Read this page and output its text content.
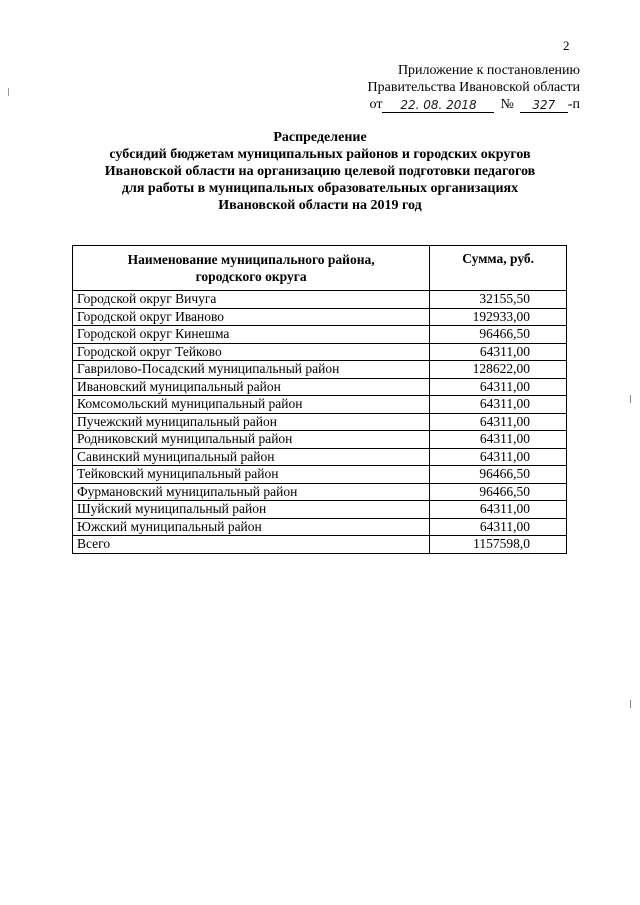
2
Приложение к постановлению
Правительства Ивановской области
от	22. 08. 2018	№	327 -п
Распределение
субсидий бюджетам муниципальных районов и городских округов
Ивановской области на организацию целевой подготовки педагогов
для работы в муниципальных образовательных организациях
Ивановской области на 2019 год
Наименование муниципального района,
городского округа	Сумма, руб.
Городской округ Вичуга	32155,50
Городской округ Иваново	192933,00
Городской округ Кинешма	96466,50
Городской округ Тейково	64311,00
Гаврилово-Посадский муниципальный район	128622,00
Ивановский муниципальный район	64311,00
Комсомольский муниципальный район	64311,00
Пучежский муниципальный район	64311,00
Родниковский муниципальный район	64311,00
Савинский муниципальный район	64311,00
Тейковский муниципальный район	96466,50
Фурмановский муниципальный район	96466,50
Шуйский муниципальный район	64311,00
Южский муниципальный район	64311,00
Всего	1157598,0
